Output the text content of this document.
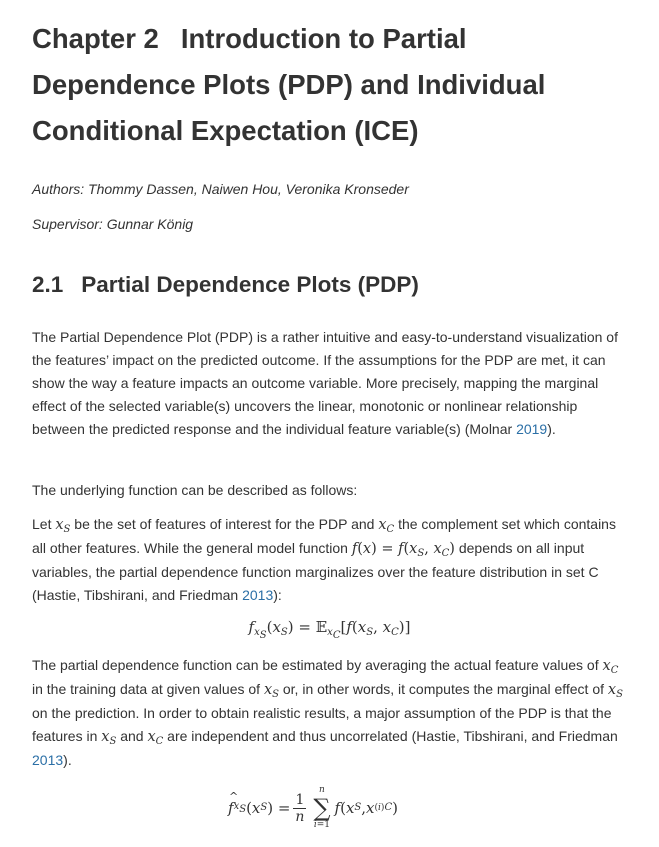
Chapter 2 Introduction to Partial
Dependence Plots (PDP) and Individual
Conditional Expectation (ICE)

Authors: Thommy Dassen, Naiwen Hou, Veronika Kronseder

Supervisor: Gunnar König

2.1 Partial Dependence Plots (PDP)

The Partial Dependence Plot (PDP) is a rather intuitive and easy-to-understand visualization of the features’ impact on the predicted outcome. If the assumptions for the PDP are met, it can show the way a feature impacts an outcome variable. More precisely, mapping the marginal effect of the selected variable(s) uncovers the linear, monotonic or nonlinear relationship between the predicted response and the individual feature variable(s) (Molnar 2019).

The underlying function can be described as follows:

Let $x_S$ be the set of features of interest for the PDP and $x_C$ the complement set which contains all other features. While the general model function $f(x) = f(x_S$, $x_C$) depends on all input variables, the partial dependence function marginalizes over the feature distribution in set C (Hastie, Tibshirani, and Friedman 2013):

$f_{x_S}(x_S)$ = $𝔼_{x_C}[f(x_S$, $x_C$)]

The partial dependence function can be estimated by averaging the actual feature values of $x_C$ in the training data at given values of $x_S$ or, in other words, it computes the marginal effect of $x_S$ on the prediction. In order to obtain realistic results, a major assumption of the PDP is that the features in $x_S$ and $x_C$ are independent and thus uncorrelated (Hastie, Tibshirani, and Friedman 2013).

^ f $x_S$ ( x S ) = $\frac{1}{n}$
n
∑
i=1
f ( x S , x (i) C )
